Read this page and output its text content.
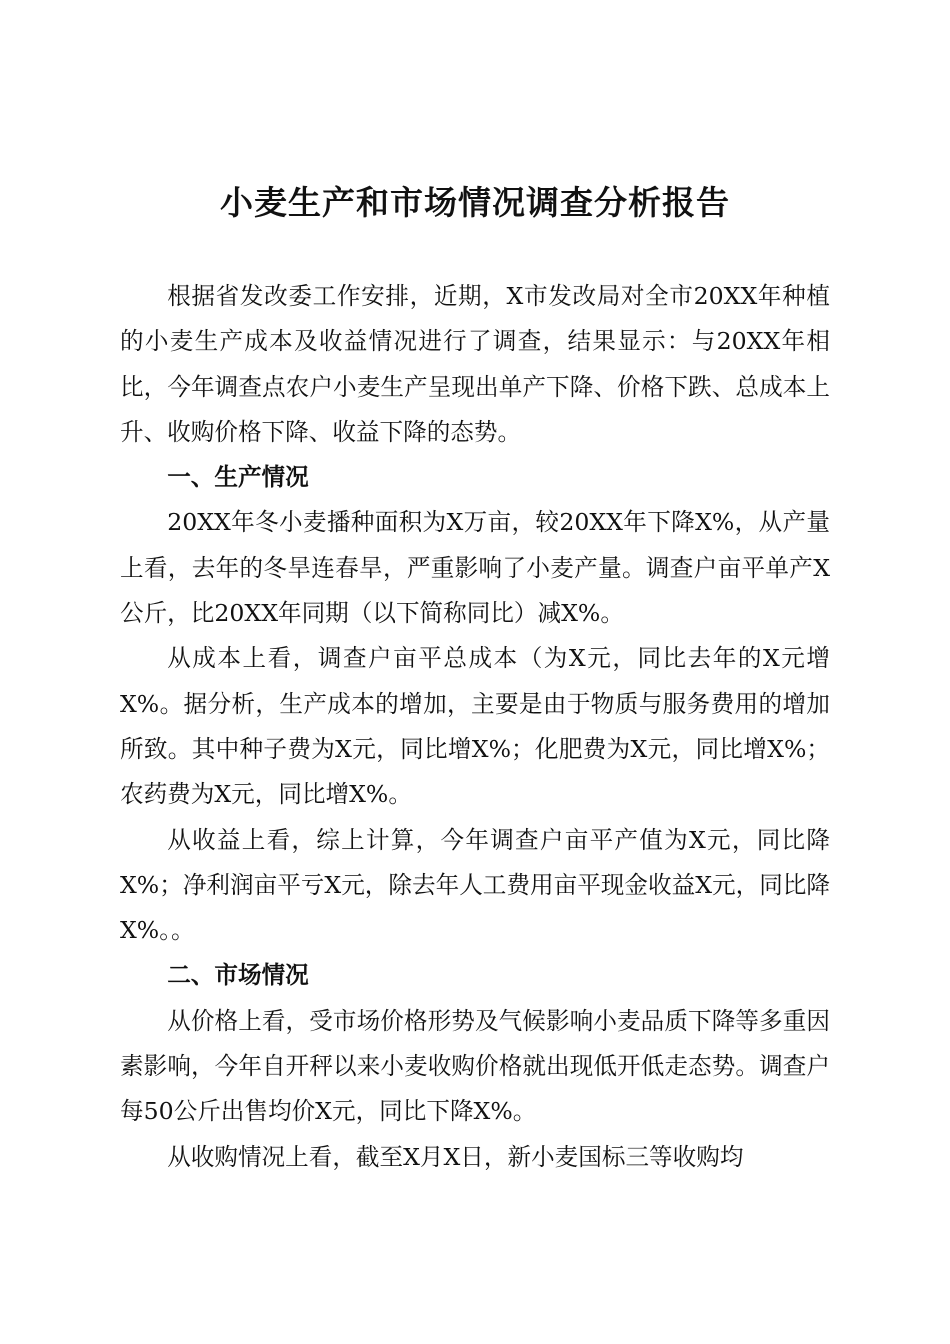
小麦生产和市场情况调查分析报告

根据省发改委工作安排，近期，X市发改局对全市20XX年种植的小麦生产成本及收益情况进行了调查，结果显示：与20XX年相比，今年调查点农户小麦生产呈现出单产下降、价格下跌、总成本上升、收购价格下降、收益下降的态势。

一、生产情况

20XX年冬小麦播种面积为X万亩，较20XX年下降X%，从产量上看，去年的冬旱连春旱，严重影响了小麦产量。调查户亩平单产X公斤，比20XX年同期（以下简称同比）减X%。

从成本上看，调查户亩平总成本（为X元，同比去年的X元增X%。据分析，生产成本的增加，主要是由于物质与服务费用的增加所致。其中种子费为X元，同比增X%；化肥费为X元，同比增X%；农药费为X元，同比增X%。

从收益上看，综上计算，今年调查户亩平产值为X元，同比降X%；净利润亩平亏X元，除去年人工费用亩平现金收益X元，同比降X%。。

二、市场情况

从价格上看，受市场价格形势及气候影响小麦品质下降等多重因素影响，今年自开秤以来小麦收购价格就出现低开低走态势。调查户每50公斤出售均价X元，同比下降X%。

从收购情况上看，截至X月X日，新小麦国标三等收购均
